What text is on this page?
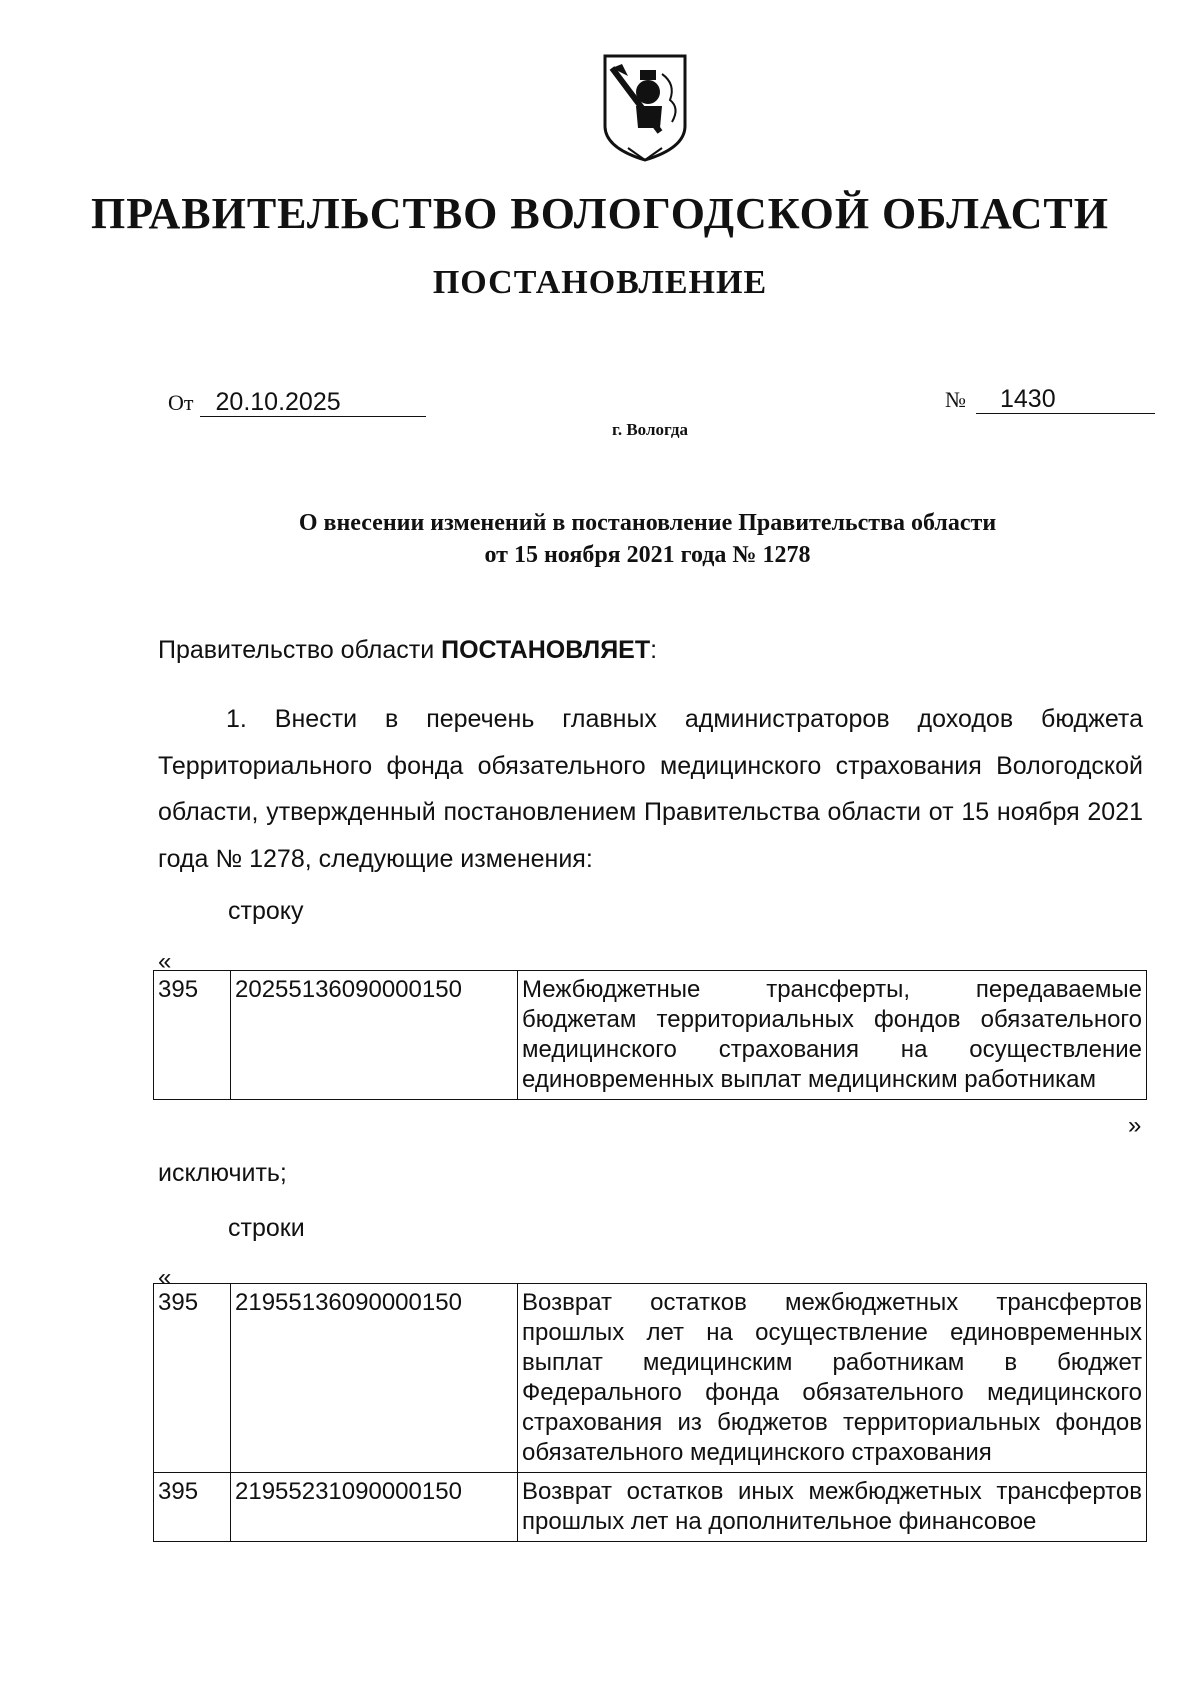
ПРАВИТЕЛЬСТВО ВОЛОГОДСКОЙ ОБЛАСТИ
ПОСТАНОВЛЕНИЕ
От 20.10.2025	№ 1430
г. Вологда
О внесении изменений в постановление Правительства области
от 15 ноября 2021 года № 1278
Правительство области ПОСТАНОВЛЯЕТ:
1. Внести в перечень главных администраторов доходов бюджета Территориального фонда обязательного медицинского страхования Вологодской области, утвержденный постановлением Правительства области от 15 ноября 2021 года № 1278, следующие изменения:
строку
«
395	20255136090000150	Межбюджетные трансферты, передаваемые бюджетам территориальных фондов обязательного медицинского страхования на осуществление единовременных выплат медицинским работникам
»
исключить;
строки
«
395	21955136090000150	Возврат остатков межбюджетных трансфертов прошлых лет на осуществление единовременных выплат медицинским работникам в бюджет Федерального фонда обязательного медицинского страхования из бюджетов территориальных фондов обязательного медицинского страхования
395	21955231090000150	Возврат остатков иных межбюджетных трансфертов прошлых лет на дополнительное финансовое
